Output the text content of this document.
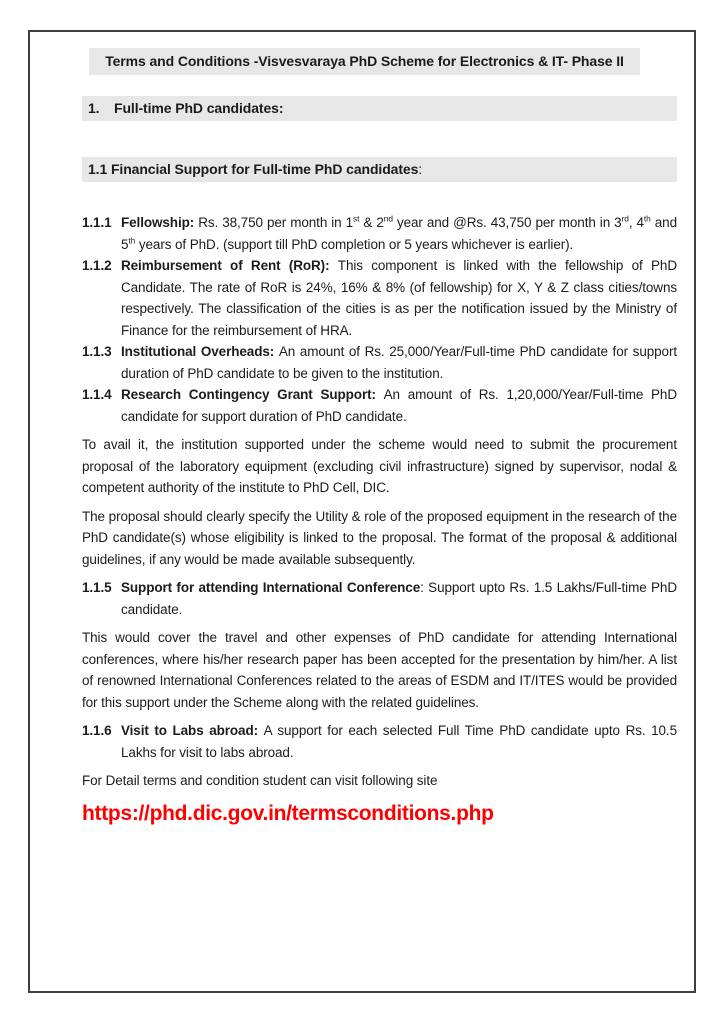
Terms and Conditions -Visvesvaraya PhD Scheme for Electronics & IT- Phase II
1.	Full-time PhD candidates:
1.1 Financial Support for Full-time PhD candidates:
1.1.1 Fellowship: Rs. 38,750 per month in 1st & 2nd year and @Rs. 43,750 per month in 3rd, 4th and 5th years of PhD. (support till PhD completion or 5 years whichever is earlier).
1.1.2 Reimbursement of Rent (RoR): This component is linked with the fellowship of PhD Candidate. The rate of RoR is 24%, 16% & 8% (of fellowship) for X, Y & Z class cities/towns respectively. The classification of the cities is as per the notification issued by the Ministry of Finance for the reimbursement of HRA.
1.1.3 Institutional Overheads: An amount of Rs. 25,000/Year/Full-time PhD candidate for support duration of PhD candidate to be given to the institution.
1.1.4 Research Contingency Grant Support: An amount of Rs. 1,20,000/Year/Full-time PhD candidate for support duration of PhD candidate.

To avail it, the institution supported under the scheme would need to submit the procurement proposal of the laboratory equipment (excluding civil infrastructure) signed by supervisor, nodal & competent authority of the institute to PhD Cell, DIC.

The proposal should clearly specify the Utility & role of the proposed equipment in the research of the PhD candidate(s) whose eligibility is linked to the proposal. The format of the proposal & additional guidelines, if any would be made available subsequently.

1.1.5 Support for attending International Conference: Support upto Rs. 1.5 Lakhs/Full-time PhD candidate.

This would cover the travel and other expenses of PhD candidate for attending International conferences, where his/her research paper has been accepted for the presentation by him/her. A list of renowned International Conferences related to the areas of ESDM and IT/ITES would be provided for this support under the Scheme along with the related guidelines.

1.1.6 Visit to Labs abroad: A support for each selected Full Time PhD candidate upto Rs. 10.5 Lakhs for visit to labs abroad.

For Detail terms and condition student can visit following site

https://phd.dic.gov.in/termsconditions.php
